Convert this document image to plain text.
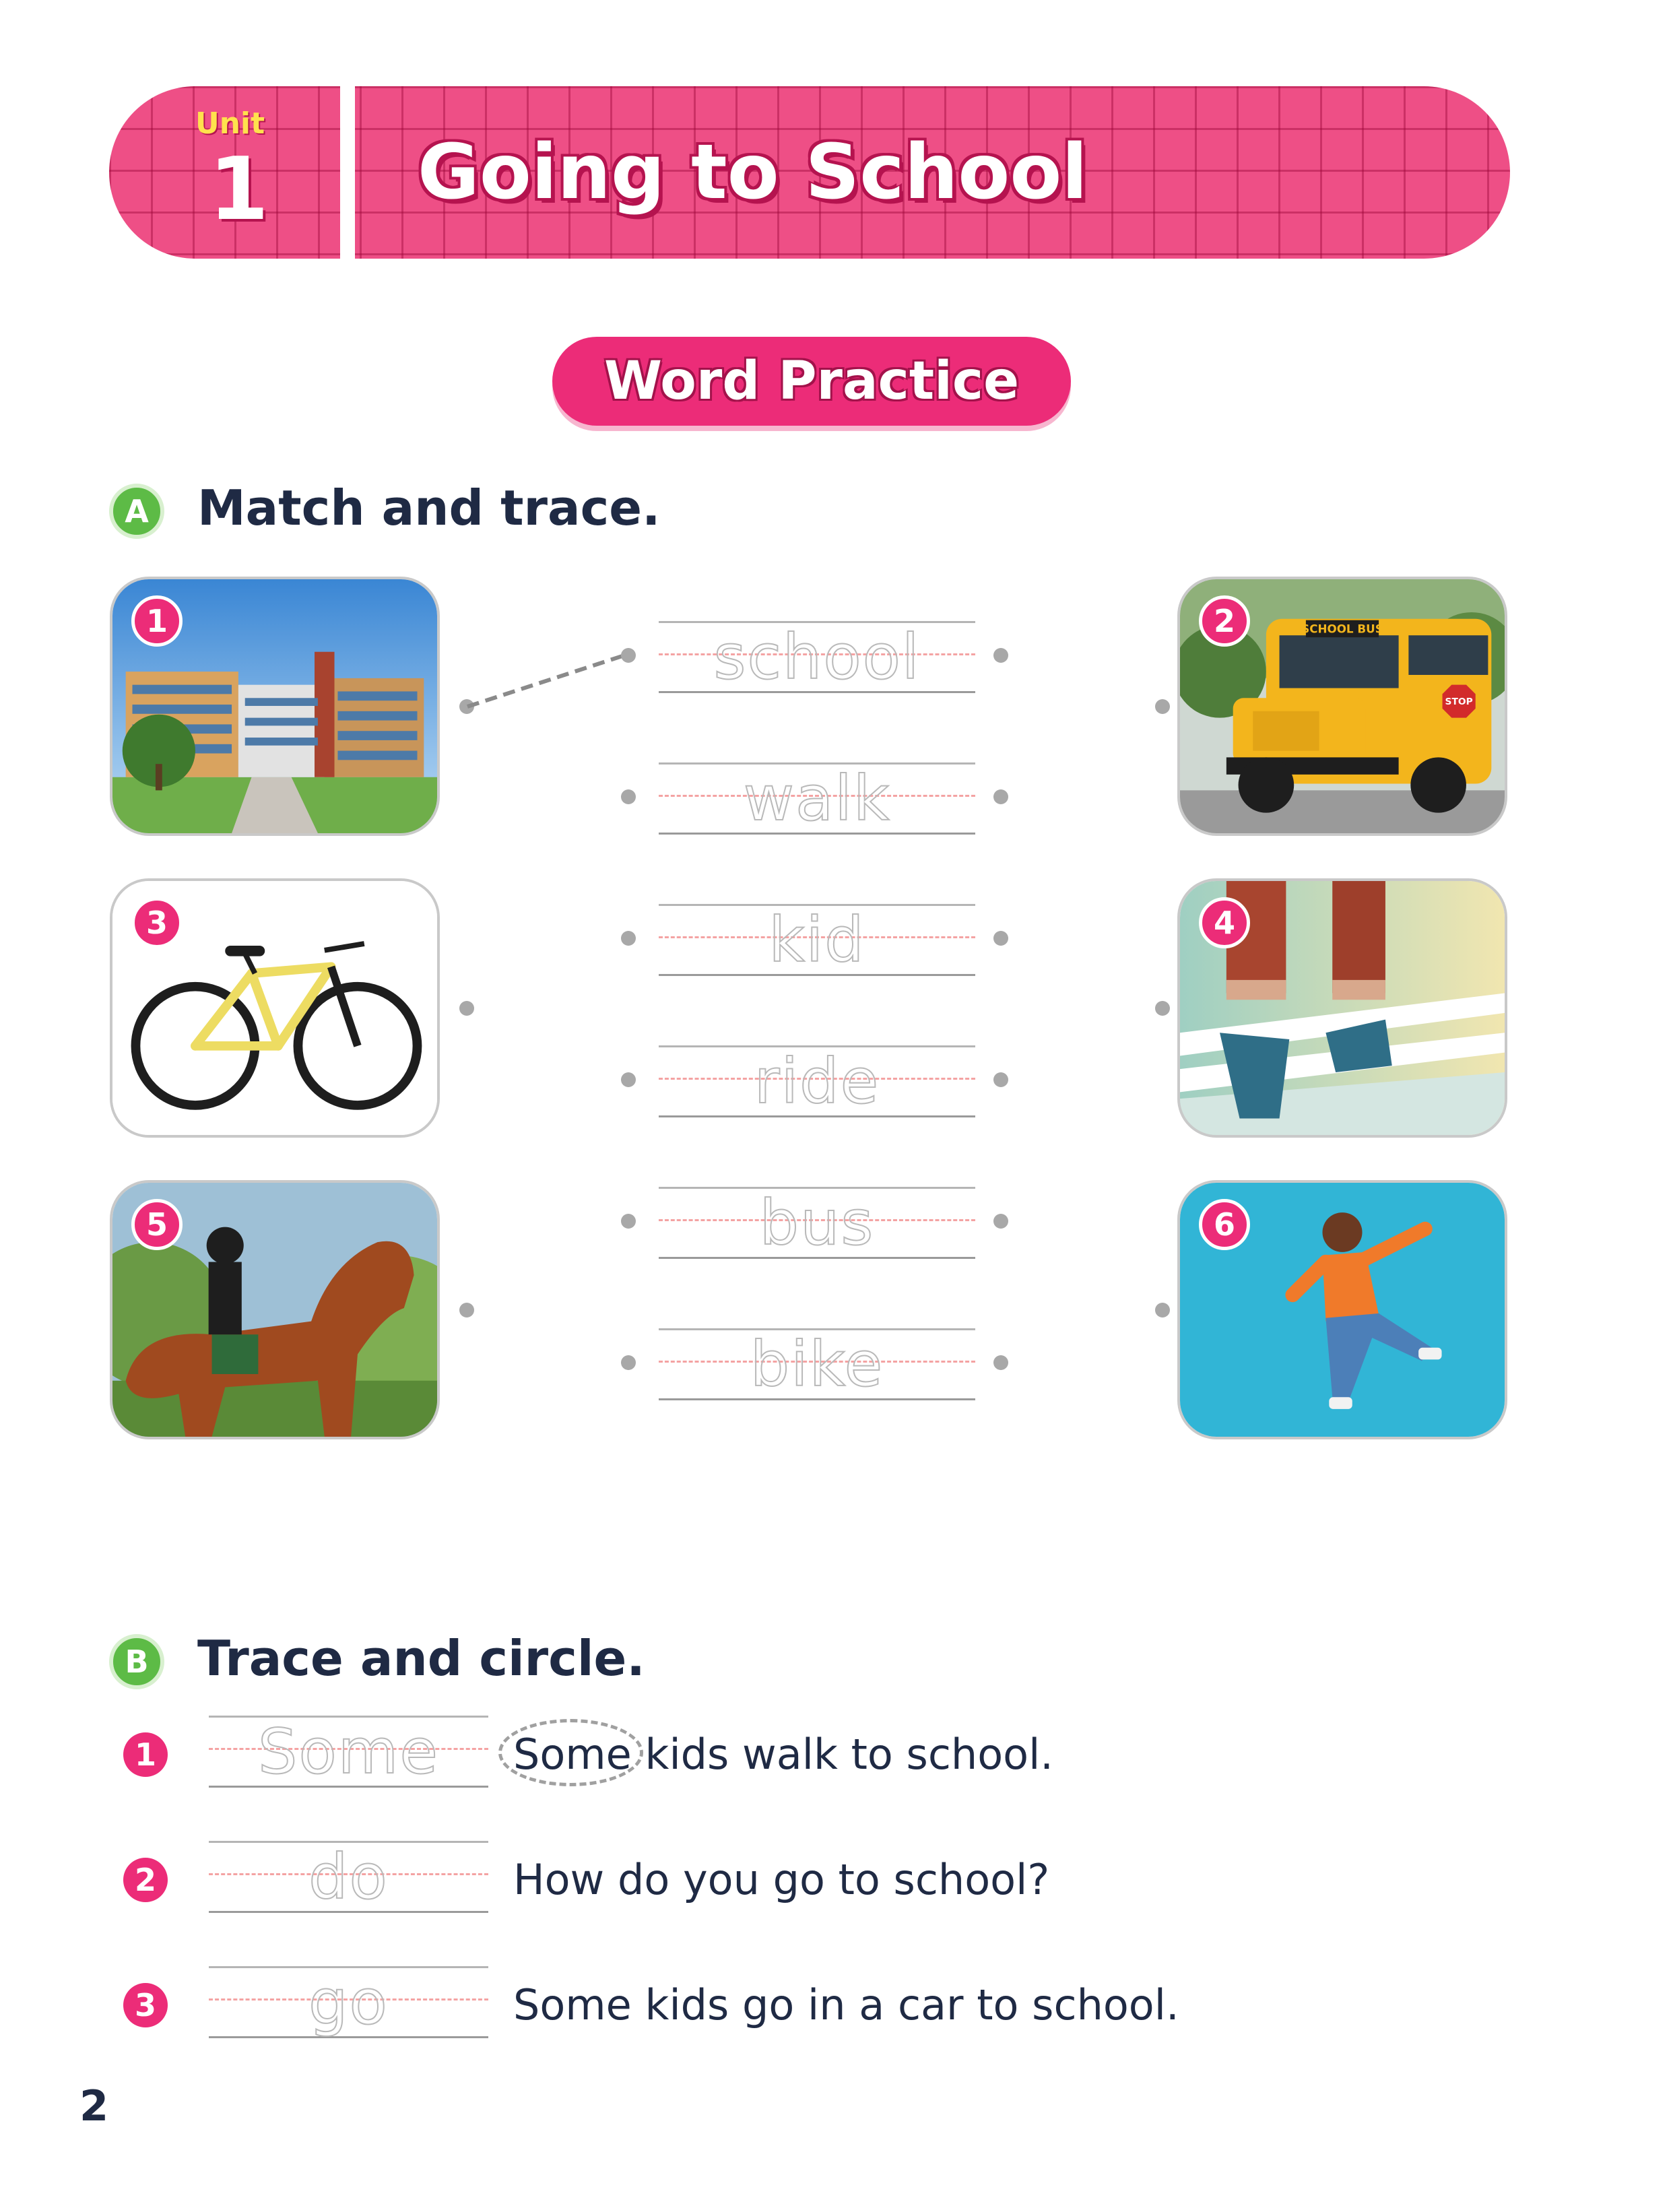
Unit
1 Going to School
Word Practice
A	Match and trace.
1	SCHOOL BUS
STOP
2
3	4
5	6
school
walk
kid
ride
bus
bike
B	Trace and circle.
1	Some	Some kids walk to school.
2	do	How do you go to school?
3	go	Some kids go in a car to school.
2
